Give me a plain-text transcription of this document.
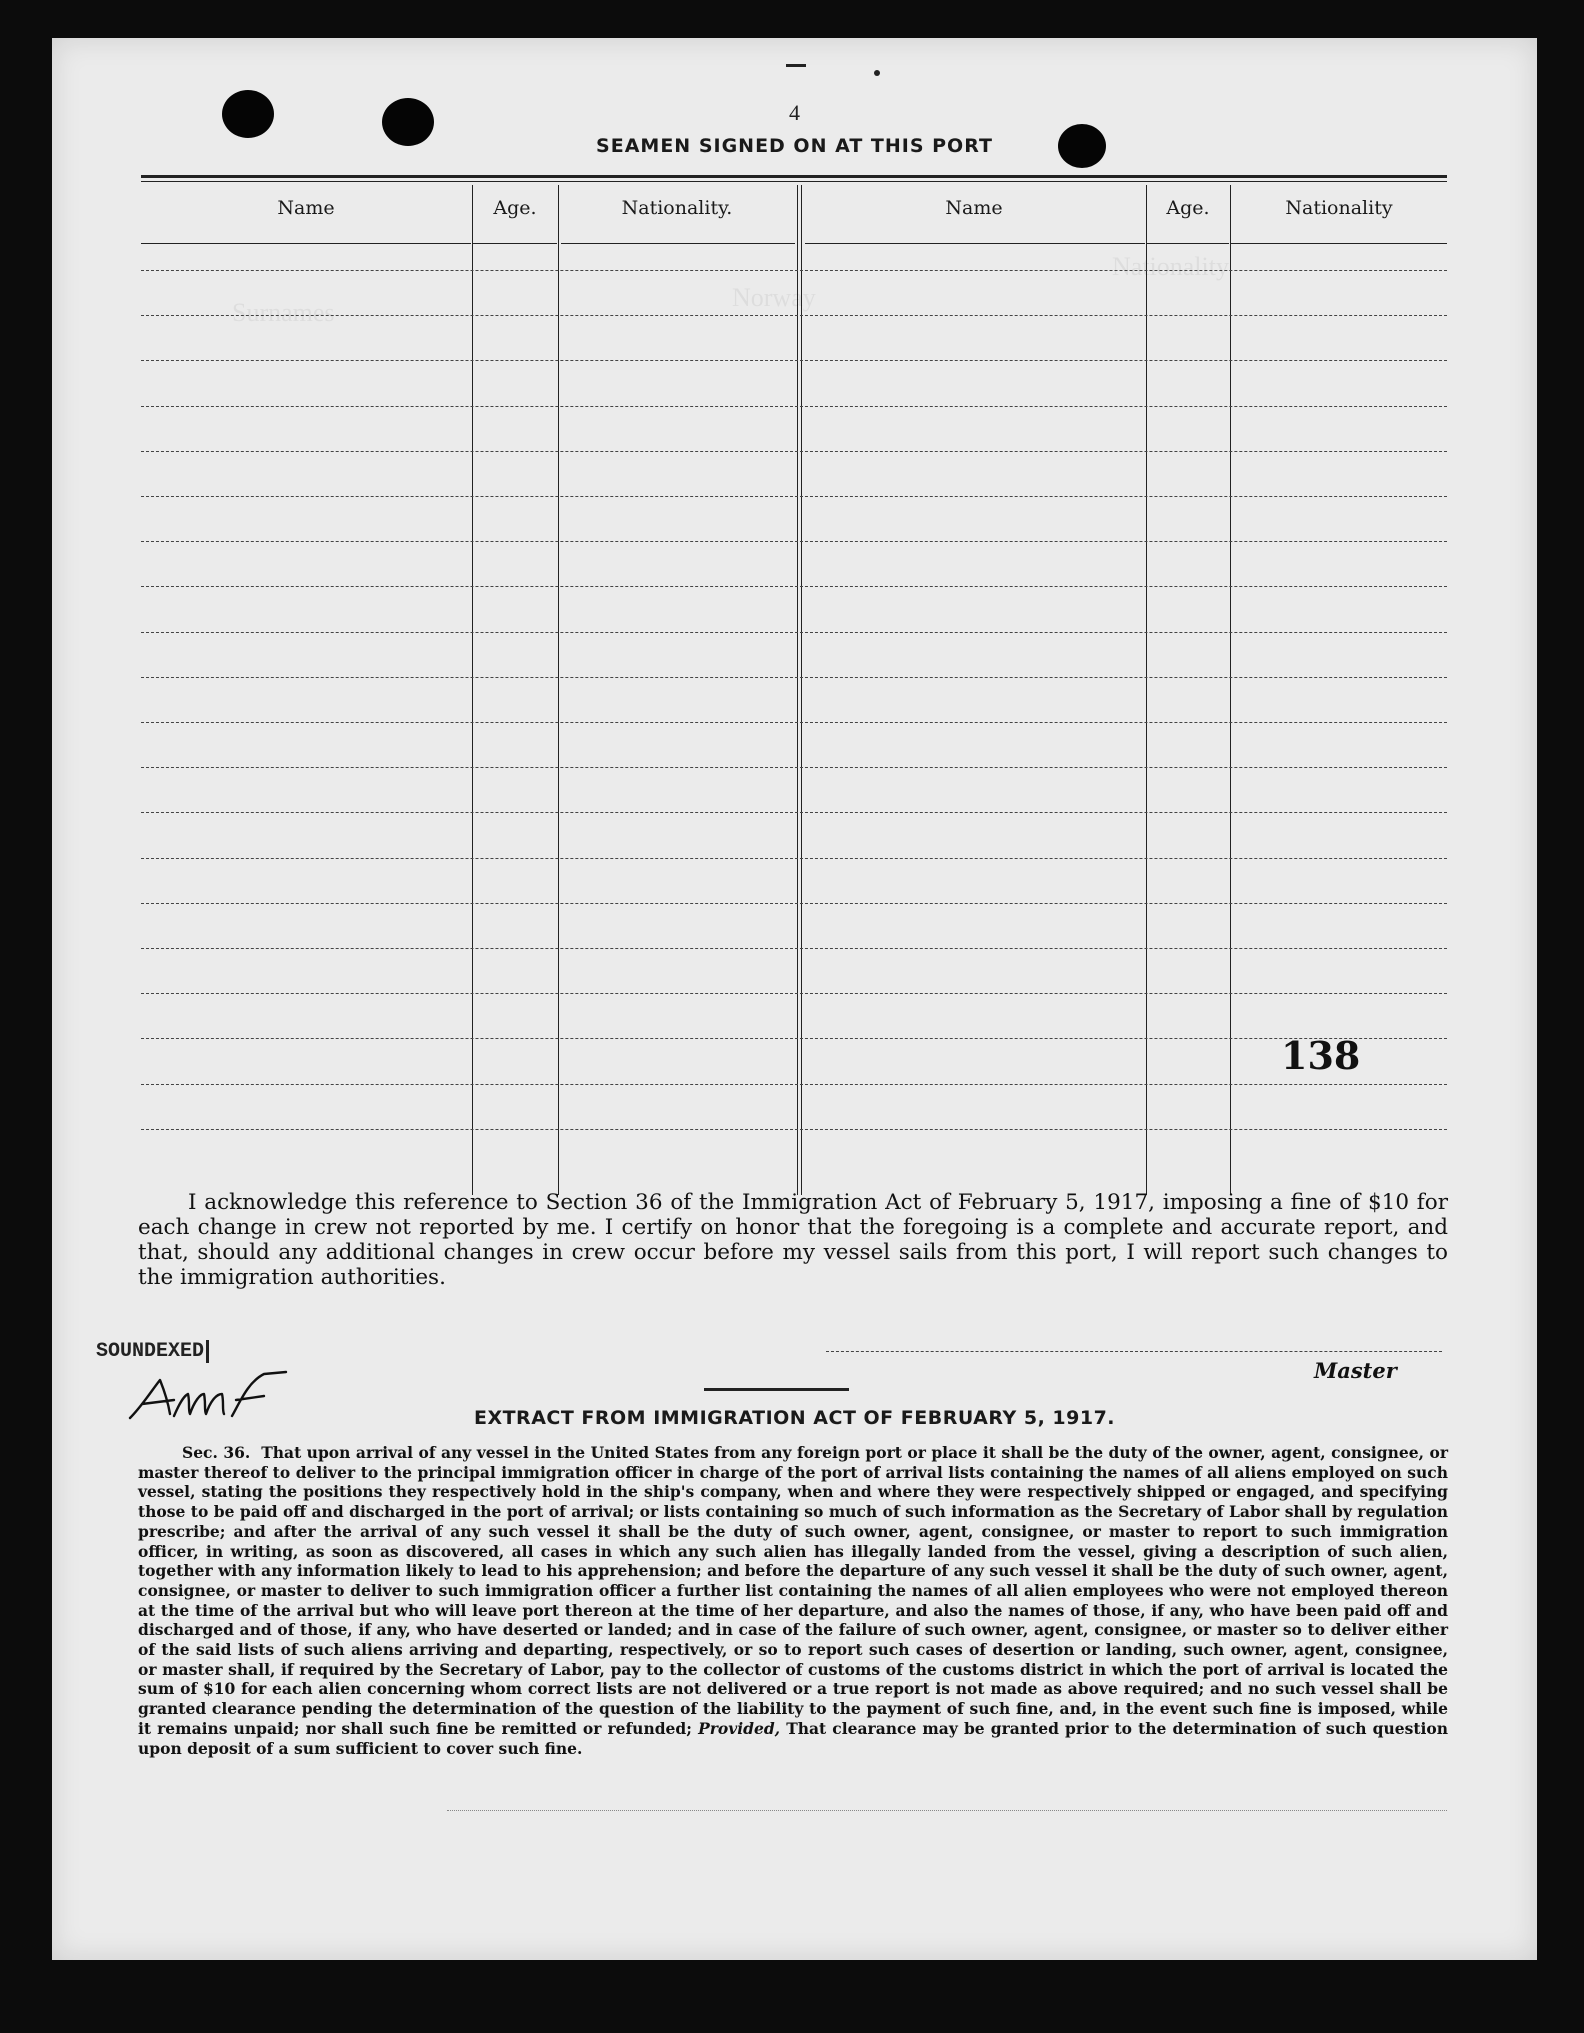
4
SEAMEN SIGNED ON AT THIS PORT
Name	Age.	Nationality.	Name	Age.	Nationality
138
Nationality
Norway
Surnames
I acknowledge this reference to Section 36 of the Immigration Act of February 5, 1917, imposing a fine of $10 for each change in crew not reported by me. I certify on honor that the foregoing is a complete and accurate report, and that, should any additional changes in crew occur before my vessel sails from this port, I will report such changes to the immigration authorities.
SOUNDEXED
Master
EXTRACT FROM IMMIGRATION ACT OF FEBRUARY 5, 1917.
Sec. 36. That upon arrival of any vessel in the United States from any foreign port or place it shall be the duty of the owner, agent, consignee, or master thereof to deliver to the principal immigration officer in charge of the port of arrival lists containing the names of all aliens employed on such vessel, stating the positions they respectively hold in the ship's company, when and where they were respectively shipped or engaged, and specifying those to be paid off and discharged in the port of arrival; or lists containing so much of such information as the Secretary of Labor shall by regulation prescribe; and after the arrival of any such vessel it shall be the duty of such owner, agent, consignee, or master to report to such immigration officer, in writing, as soon as discovered, all cases in which any such alien has illegally landed from the vessel, giving a description of such alien, together with any information likely to lead to his apprehension; and before the departure of any such vessel it shall be the duty of such owner, agent, consignee, or master to deliver to such immigration officer a further list containing the names of all alien employees who were not employed thereon at the time of the arrival but who will leave port thereon at the time of her departure, and also the names of those, if any, who have been paid off and discharged and of those, if any, who have deserted or landed; and in case of the failure of such owner, agent, consignee, or master so to deliver either of the said lists of such aliens arriving and departing, respectively, or so to report such cases of desertion or landing, such owner, agent, consignee, or master shall, if required by the Secretary of Labor, pay to the collector of customs of the customs district in which the port of arrival is located the sum of $10 for each alien concerning whom correct lists are not delivered or a true report is not made as above required; and no such vessel shall be granted clearance pending the determination of the question of the liability to the payment of such fine, and, in the event such fine is imposed, while it remains unpaid; nor shall such fine be remitted or refunded; Provided, That clearance may be granted prior to the determination of such question upon deposit of a sum sufficient to cover such fine.
